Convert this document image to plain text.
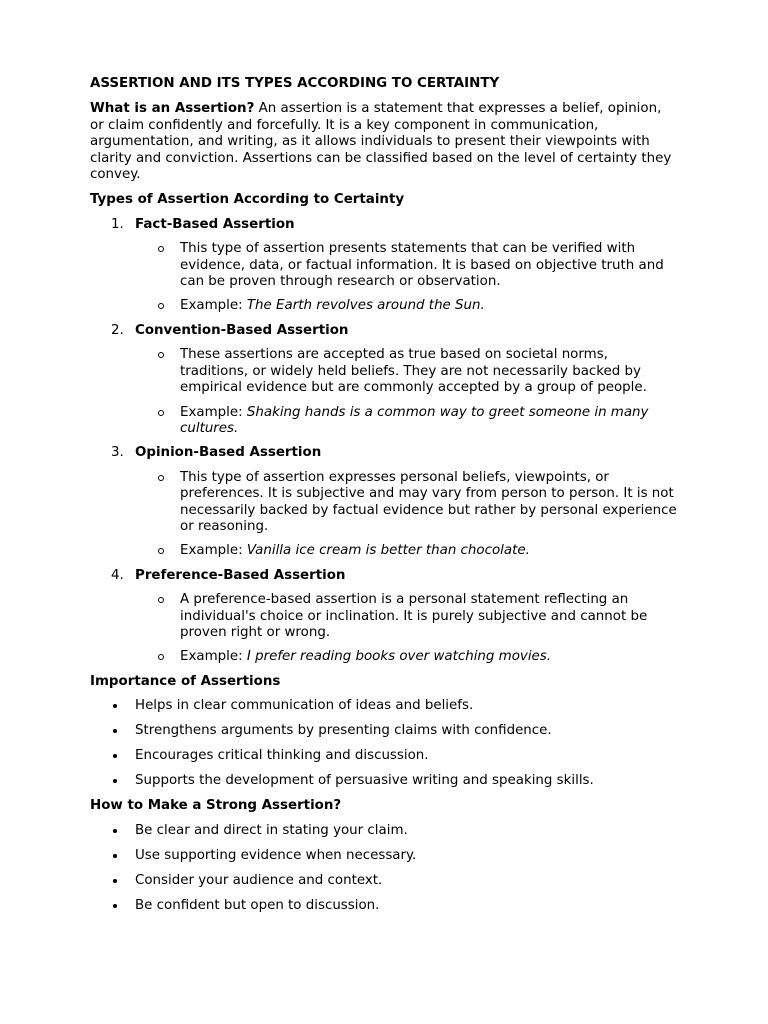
ASSERTION AND ITS TYPES ACCORDING TO CERTAINTY
What is an Assertion? An assertion is a statement that expresses a belief, opinion, or claim confidently and forcefully. It is a key component in communication, argumentation, and writing, as it allows individuals to present their viewpoints with clarity and conviction. Assertions can be classified based on the level of certainty they convey.
Types of Assertion According to Certainty
1. Fact-Based Assertion
This type of assertion presents statements that can be verified with evidence, data, or factual information. It is based on objective truth and can be proven through research or observation.
Example: The Earth revolves around the Sun.
2. Convention-Based Assertion
These assertions are accepted as true based on societal norms, traditions, or widely held beliefs. They are not necessarily backed by empirical evidence but are commonly accepted by a group of people.
Example: Shaking hands is a common way to greet someone in many cultures.
3. Opinion-Based Assertion
This type of assertion expresses personal beliefs, viewpoints, or preferences. It is subjective and may vary from person to person. It is not necessarily backed by factual evidence but rather by personal experience or reasoning.
Example: Vanilla ice cream is better than chocolate.
4. Preference-Based Assertion
A preference-based assertion is a personal statement reflecting an individual's choice or inclination. It is purely subjective and cannot be proven right or wrong.
Example: I prefer reading books over watching movies.
Importance of Assertions
Helps in clear communication of ideas and beliefs.
Strengthens arguments by presenting claims with confidence.
Encourages critical thinking and discussion.
Supports the development of persuasive writing and speaking skills.
How to Make a Strong Assertion?
Be clear and direct in stating your claim.
Use supporting evidence when necessary.
Consider your audience and context.
Be confident but open to discussion.
